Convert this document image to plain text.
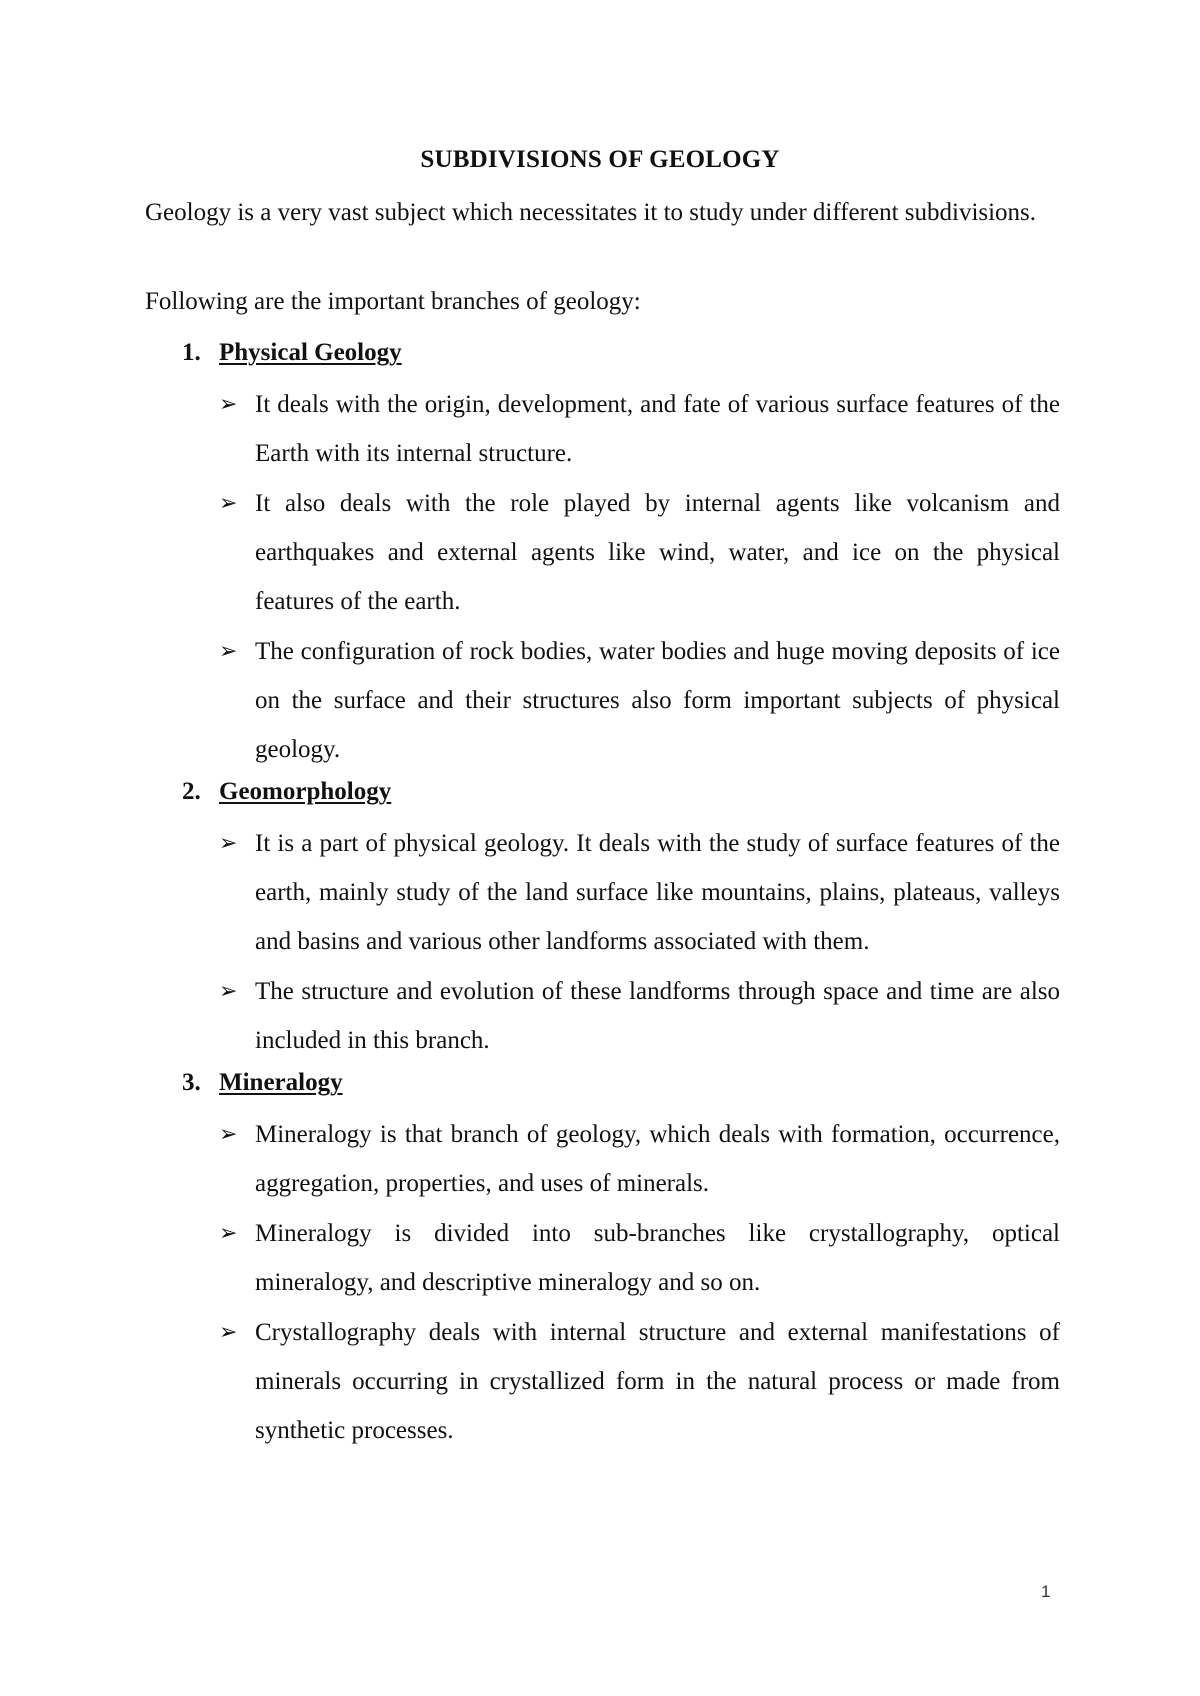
SUBDIVISIONS OF GEOLOGY
Geology is a very vast subject which necessitates it to study under different subdivisions.
Following are the important branches of geology:
1. Physical Geology
➢ It deals with the origin, development, and fate of various surface features of the Earth with its internal structure.
➢ It also deals with the role played by internal agents like volcanism and earthquakes and external agents like wind, water, and ice on the physical features of the earth.
➢ The configuration of rock bodies, water bodies and huge moving deposits of ice on the surface and their structures also form important subjects of physical geology.
2. Geomorphology
➢ It is a part of physical geology. It deals with the study of surface features of the earth, mainly study of the land surface like mountains, plains, plateaus, valleys and basins and various other landforms associated with them.
➢ The structure and evolution of these landforms through space and time are also included in this branch.
3. Mineralogy
➢ Mineralogy is that branch of geology, which deals with formation, occurrence, aggregation, properties, and uses of minerals.
➢ Mineralogy is divided into sub-branches like crystallography, optical mineralogy, and descriptive mineralogy and so on.
➢ Crystallography deals with internal structure and external manifestations of minerals occurring in crystallized form in the natural process or made from synthetic processes.
1
